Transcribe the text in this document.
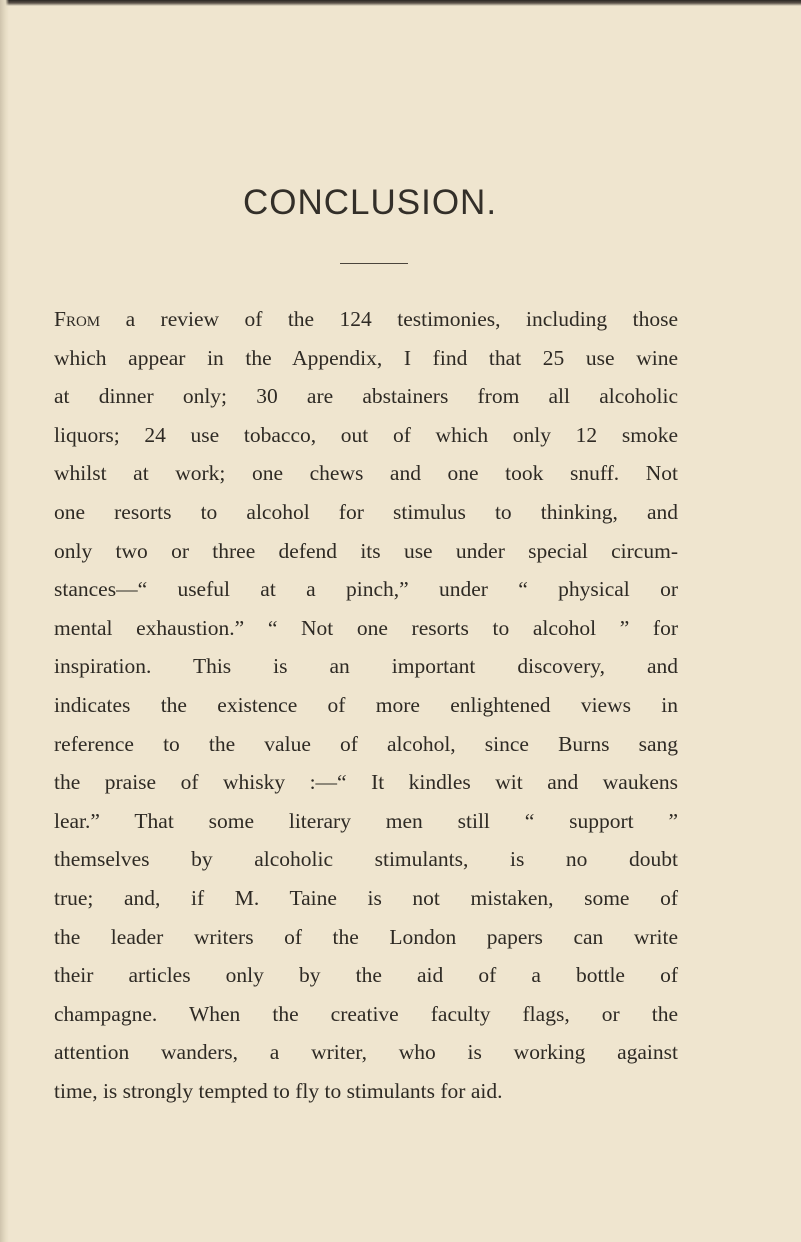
CONCLUSION.
From a review of the 124 testimonies, including those
which appear in the Appendix, I find that 25 use wine
at dinner only; 30 are abstainers from all alcoholic
liquors; 24 use tobacco, out of which only 12 smoke
whilst at work; one chews and one took snuff. Not
one resorts to alcohol for stimulus to thinking, and
only two or three defend its use under special circum-
stances—“ useful at a pinch,” under “ physical or
mental exhaustion.” “ Not one resorts to alcohol ” for
inspiration. This is an important discovery, and
indicates the existence of more enlightened views in
reference to the value of alcohol, since Burns sang
the praise of whisky :—“ It kindles wit and waukens
lear.” That some literary men still “ support ”
themselves by alcoholic stimulants, is no doubt
true; and, if M. Taine is not mistaken, some of
the leader writers of the London papers can write
their articles only by the aid of a bottle of
champagne. When the creative faculty flags, or the
attention wanders, a writer, who is working against
time, is strongly tempted to fly to stimulants for aid.
